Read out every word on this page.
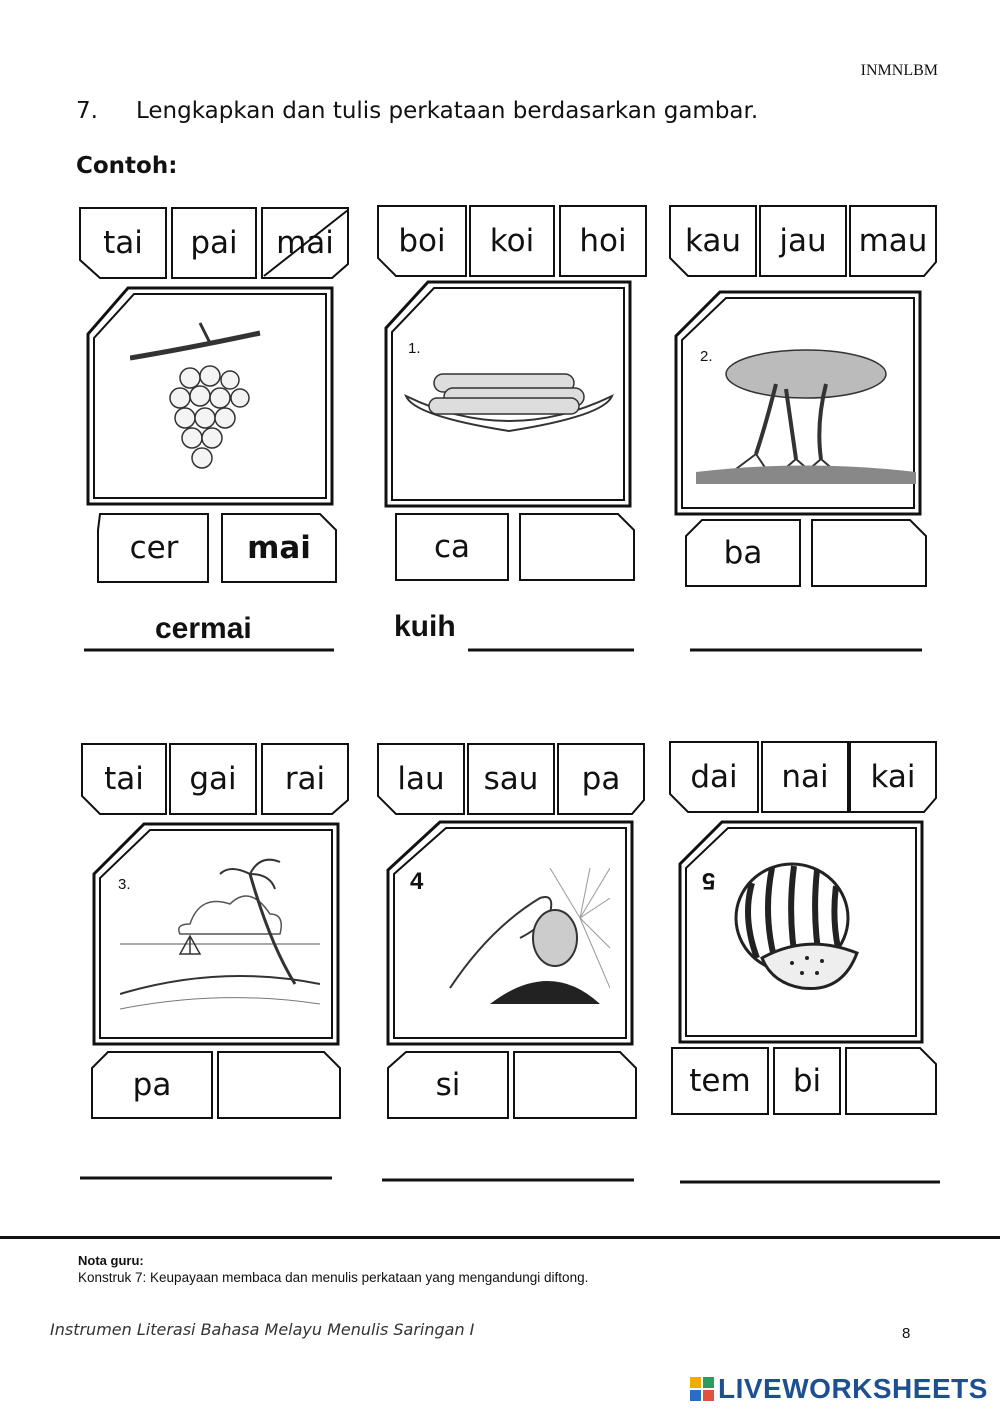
INMNLBM
7. Lengkapkan dan tulis perkataan berdasarkan gambar.
Contoh:
tai	pai	mai
cer	mai
cermai
boi	koi	hoi
1.
ca
kuih
kau	jau	mau
2.
ba
tai	gai	rai
3.
pa
lau	sau	pa
4
si
dai	nai	kai
5
tem	bi
Nota guru:
Konstruk 7: Keupayaan membaca dan menulis perkataan yang mengandungi diftong.
Instrumen Literasi Bahasa Melayu Menulis Saringan I	8
LIVEWORKSHEETS
